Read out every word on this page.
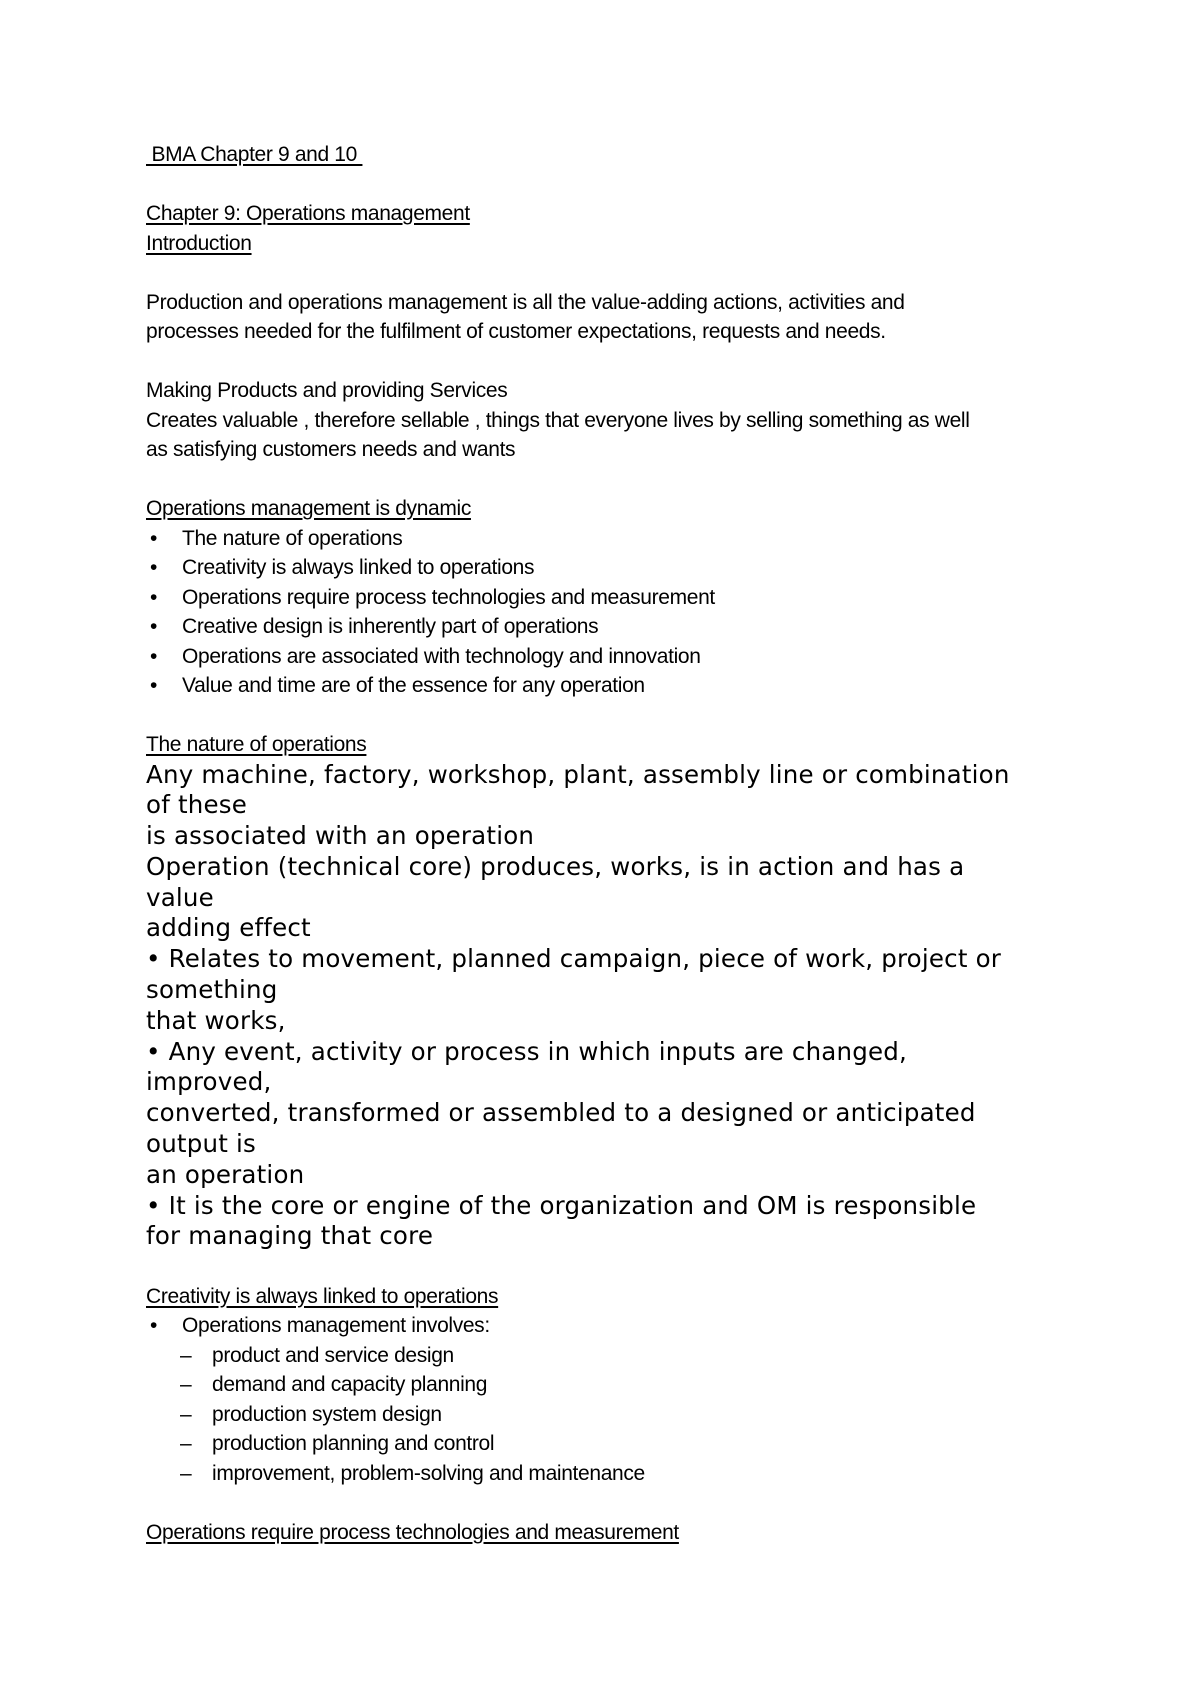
BMA Chapter 9 and 10
Chapter 9: Operations management
Introduction
Production and operations management is all the value-adding actions, activities and
processes needed for the fulfilment of customer expectations, requests and needs.
Making Products and providing Services
Creates valuable , therefore sellable , things that everyone lives by selling something as well
as satisfying customers needs and wants
Operations management is dynamic
• The nature of operations
• Creativity is always linked to operations
• Operations require process technologies and measurement
• Creative design is inherently part of operations
• Operations are associated with technology and innovation
• Value and time are of the essence for any operation
The nature of operations
Any machine, factory, workshop, plant, assembly line or combination
of these
is associated with an operation
Operation (technical core) produces, works, is in action and has a
value
adding effect
• Relates to movement, planned campaign, piece of work, project or
something
that works,
• Any event, activity or process in which inputs are changed,
improved,
converted, transformed or assembled to a designed or anticipated
output is
an operation
• It is the core or engine of the organization and OM is responsible
for managing that core
Creativity is always linked to operations
• Operations management involves:
– product and service design
– demand and capacity planning
– production system design
– production planning and control
– improvement, problem-solving and maintenance
Operations require process technologies and measurement
